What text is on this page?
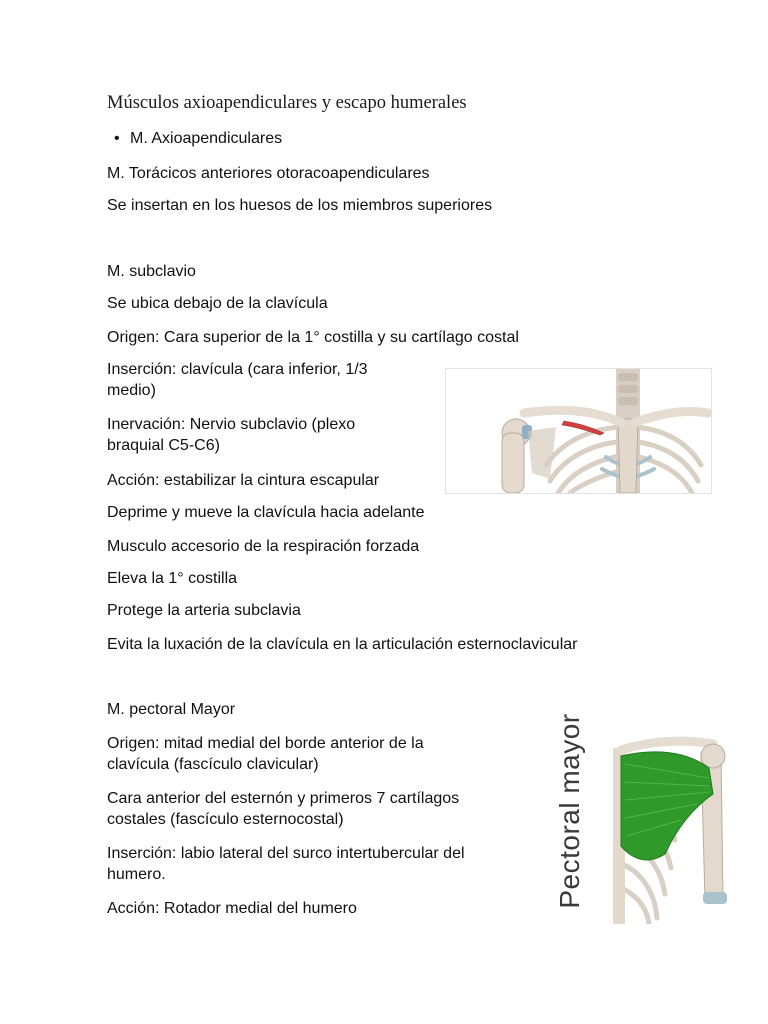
Músculos axioapendiculares y escapo humerales
• M. Axioapendiculares
M. Torácicos anteriores otoracoapendiculares
Se insertan en los huesos de los miembros superiores
M. subclavio
Se ubica debajo de la clavícula
Origen: Cara superior de la 1° costilla y su cartílago costal
Inserción: clavícula (cara inferior, 1/3 medio)
Inervación: Nervio subclavio (plexo braquial C5-C6)
Acción: estabilizar la cintura escapular
Deprime y mueve la clavícula hacia adelante
Musculo accesorio de la respiración forzada
Eleva la 1° costilla
Protege la arteria subclavia
Evita la luxación de la clavícula en la articulación esternoclavicular
M. pectoral Mayor
Origen: mitad medial del borde anterior de la clavícula (fascículo clavicular)
Cara anterior del esternón y primeros 7 cartílagos costales (fascículo esternocostal)
Inserción: labio lateral del surco intertubercular del humero.
Acción: Rotador medial del humero	Pectoral mayor
